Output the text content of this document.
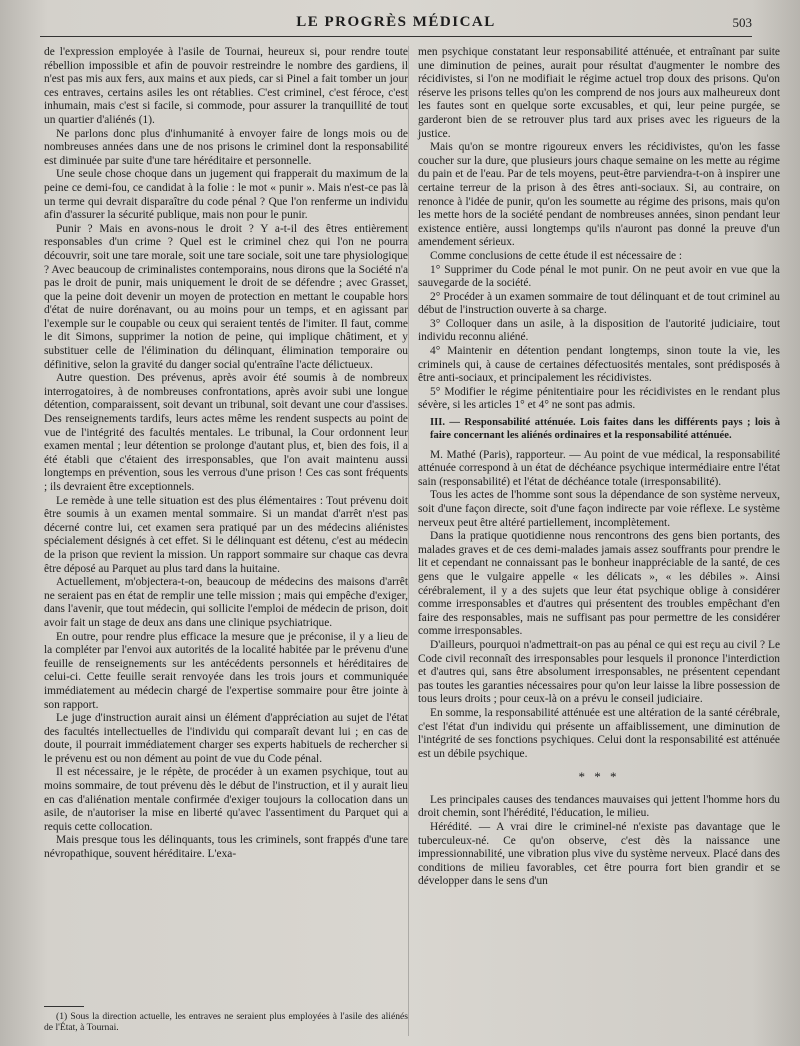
LE PROGRÈS MÉDICAL	503

de l'expression employée à l'asile de Tournai, heureux si, pour rendre toute rébellion impossible et afin de pouvoir restreindre le nombre des gardiens, il n'est pas mis aux fers, aux mains et aux pieds, car si Pinel a fait tomber un jour ces entraves, certains asiles les ont rétablies. C'est criminel, c'est féroce, c'est inhumain, mais c'est si facile, si commode, pour assurer la tranquillité de tout un quartier d'aliénés (1).

Ne parlons donc plus d'inhumanité à envoyer faire de longs mois ou de nombreuses années dans une de nos prisons le criminel dont la responsabilité est diminuée par suite d'une tare héréditaire et personnelle.

Une seule chose choque dans un jugement qui frapperait du maximum de la peine ce demi-fou, ce candidat à la folie : le mot « punir ». Mais n'est-ce pas là un terme qui devrait disparaître du code pénal ? Que l'on renferme un individu afin d'assurer la sécurité publique, mais non pour le punir.

Punir ? Mais en avons-nous le droit ? Y a-t-il des êtres entièrement responsables d'un crime ? Quel est le criminel chez qui l'on ne pourra découvrir, soit une tare morale, soit une tare sociale, soit une tare physiologique ? Avec beaucoup de criminalistes contemporains, nous dirons que la Société n'a pas le droit de punir, mais uniquement le droit de se défendre ; avec Grasset, que la peine doit devenir un moyen de protection en mettant le coupable hors d'état de nuire dorénavant, ou au moins pour un temps, et en agissant par l'exemple sur le coupable ou ceux qui seraient tentés de l'imiter. Il faut, comme le dit Simons, supprimer la notion de peine, qui implique châtiment, et y substituer celle de l'élimination du délinquant, élimination temporaire ou définitive, selon la gravité du danger social qu'entraîne l'acte délictueux.

Autre question. Des prévenus, après avoir été soumis à de nombreux interrogatoires, à de nombreuses confrontations, après avoir subi une longue détention, comparaissent, soit devant un tribunal, soit devant une cour d'assises. Des renseignements tardifs, leurs actes même les rendent suspects au point de vue de l'intégrité des facultés mentales. Le tribunal, la Cour ordonnent leur examen mental ; leur détention se prolonge d'autant plus, et, bien des fois, il a été établi que c'étaient des irresponsables, que l'on avait maintenu aussi longtemps en prévention, sous les verrous d'une prison ! Ces cas sont fréquents ; ils devraient être exceptionnels.

Le remède à une telle situation est des plus élémentaires : Tout prévenu doit être soumis à un examen mental sommaire. Si un mandat d'arrêt n'est pas décerné contre lui, cet examen sera pratiqué par un des médecins aliénistes spécialement désignés à cet effet. Si le délinquant est détenu, c'est au médecin de la prison que revient la mission. Un rapport sommaire sur chaque cas devra être déposé au Parquet au plus tard dans la huitaine.

Actuellement, m'objectera-t-on, beaucoup de médecins des maisons d'arrêt ne seraient pas en état de remplir une telle mission ; mais qui empêche d'exiger, dans l'avenir, que tout médecin, qui sollicite l'emploi de médecin de prison, doit avoir fait un stage de deux ans dans une clinique psychiatrique.

En outre, pour rendre plus efficace la mesure que je préconise, il y a lieu de la compléter par l'envoi aux autorités de la localité habitée par le prévenu d'une feuille de renseignements sur les antécédents personnels et héréditaires de celui-ci. Cette feuille serait renvoyée dans les trois jours et communiquée immédiatement au médecin chargé de l'expertise sommaire pour être jointe à son rapport.

Le juge d'instruction aurait ainsi un élément d'appréciation au sujet de l'état des facultés intellectuelles de l'individu qui comparaît devant lui ; en cas de doute, il pourrait immédiatement charger ses experts habituels de rechercher si le prévenu est ou non dément au point de vue du Code pénal.

Il est nécessaire, je le répète, de procéder à un examen psychique, tout au moins sommaire, de tout prévenu dès le début de l'instruction, et il y aurait lieu en cas d'aliénation mentale confirmée d'exiger toujours la collocation dans un asile, de n'autoriser la mise en liberté qu'avec l'assentiment du Parquet qui a requis cette collocation.

Mais presque tous les délinquants, tous les criminels, sont frappés d'une tare névropathique, souvent héréditaire. L'exa-

men psychique constatant leur responsabilité atténuée, et entraînant par suite une diminution de peines, aurait pour résultat d'augmenter le nombre des récidivistes, si l'on ne modifiait le régime actuel trop doux des prisons. Qu'on réserve les prisons telles qu'on les comprend de nos jours aux malheureux dont les fautes sont en quelque sorte excusables, et qui, leur peine purgée, se garderont bien de se retrouver plus tard aux prises avec les rigueurs de la justice.

Mais qu'on se montre rigoureux envers les récidivistes, qu'on les fasse coucher sur la dure, que plusieurs jours chaque semaine on les mette au régime du pain et de l'eau. Par de tels moyens, peut-être parviendra-t-on à inspirer une certaine terreur de la prison à des êtres anti-sociaux. Si, au contraire, on renonce à l'idée de punir, qu'on les soumette au régime des prisons, mais qu'on les mette hors de la société pendant de nombreuses années, sinon pendant leur existence entière, aussi longtemps qu'ils n'auront pas donné la preuve d'un amendement sérieux.

Comme conclusions de cette étude il est nécessaire de :

1° Supprimer du Code pénal le mot punir. On ne peut avoir en vue que la sauvegarde de la société.

2° Procéder à un examen sommaire de tout délinquant et de tout criminel au début de l'instruction ouverte à sa charge.

3° Colloquer dans un asile, à la disposition de l'autorité judiciaire, tout individu reconnu aliéné.

4° Maintenir en détention pendant longtemps, sinon toute la vie, les criminels qui, à cause de certaines défectuosités mentales, sont prédisposés à être anti-sociaux, et principalement les récidivistes.

5° Modifier le régime pénitentiaire pour les récidivistes en le rendant plus sévère, si les articles 1° et 4° ne sont pas admis.

III. — Responsabilité atténuée. Lois faites dans les différents pays ; lois à faire concernant les aliénés ordinaires et la responsabilité atténuée.

M. Mathé (Paris), rapporteur. — Au point de vue médical, la responsabilité atténuée correspond à un état de déchéance psychique intermédiaire entre l'état sain (responsabilité) et l'état de déchéance totale (irresponsabilité).

Tous les actes de l'homme sont sous la dépendance de son système nerveux, soit d'une façon directe, soit d'une façon indirecte par voie réflexe. Le système nerveux peut être altéré partiellement, incomplètement.

Dans la pratique quotidienne nous rencontrons des gens bien portants, des malades graves et de ces demi-malades jamais assez souffrants pour prendre le lit et cependant ne connaissant pas le bonheur inappréciable de la santé, de ces gens que le vulgaire appelle « les délicats », « les débiles ». Ainsi cérébralement, il y a des sujets que leur état psychique oblige à considérer comme irresponsables et d'autres qui présentent des troubles empêchant d'en faire des responsables, mais ne suffisant pas pour permettre de les considérer comme irresponsables.

D'ailleurs, pourquoi n'admettrait-on pas au pénal ce qui est reçu au civil ? Le Code civil reconnaît des irresponsables pour lesquels il prononce l'interdiction et d'autres qui, sans être absolument irresponsables, ne présentent cependant pas toutes les garanties nécessaires pour qu'on leur laisse la libre possession de tous leurs droits ; pour ceux-là on a prévu le conseil judiciaire.

En somme, la responsabilité atténuée est une altération de la santé cérébrale, c'est l'état d'un individu qui présente un affaiblissement, une diminution de l'intégrité de ses fonctions psychiques. Celui dont la responsabilité est atténuée est un débile psychique.

* * *

Les principales causes des tendances mauvaises qui jettent l'homme hors du droit chemin, sont l'hérédité, l'éducation, le milieu.

Hérédité. — A vrai dire le criminel-né n'existe pas davantage que le tuberculeux-né. Ce qu'on observe, c'est dès la naissance une impressionnabilité, une vibration plus vive du système nerveux. Placé dans des conditions de milieu favorables, cet être pourra fort bien grandir et se développer dans le sens d'un

(1) Sous la direction actuelle, les entraves ne seraient plus employées à l'asile des aliénés de l'État, à Tournai.
